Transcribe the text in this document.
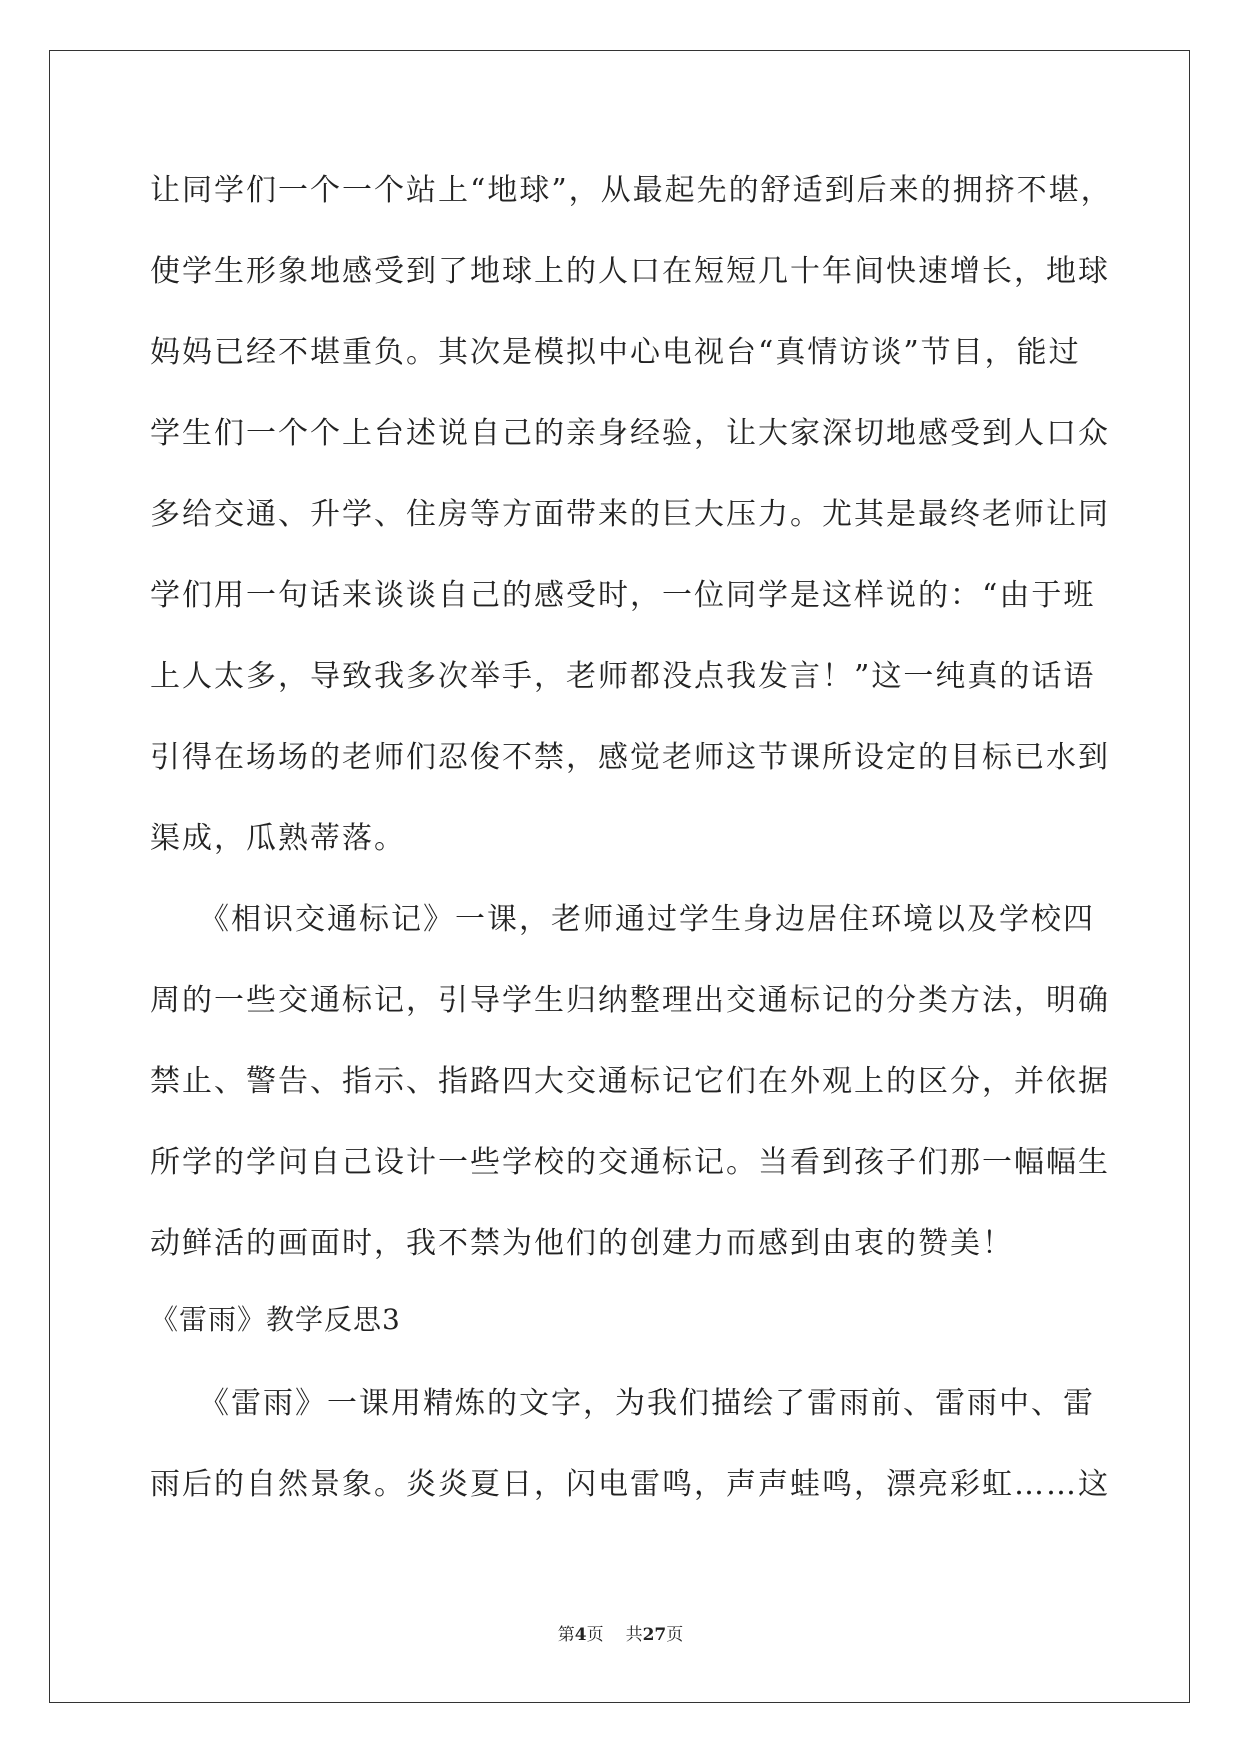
让同学们一个一个站上“地球”，从最起先的舒适到后来的拥挤不堪，
使学生形象地感受到了地球上的人口在短短几十年间快速增长，地球
妈妈已经不堪重负。其次是模拟中心电视台“真情访谈”节目，能过
学生们一个个上台述说自己的亲身经验，让大家深切地感受到人口众
多给交通、升学、住房等方面带来的巨大压力。尤其是最终老师让同
学们用一句话来谈谈自己的感受时，一位同学是这样说的：“由于班
上人太多，导致我多次举手，老师都没点我发言！”这一纯真的话语
引得在场场的老师们忍俊不禁，感觉老师这节课所设定的目标已水到
渠成，瓜熟蒂落。
　　《相识交通标记》一课，老师通过学生身边居住环境以及学校四
周的一些交通标记，引导学生归纳整理出交通标记的分类方法，明确
禁止、警告、指示、指路四大交通标记它们在外观上的区分，并依据
所学的学问自己设计一些学校的交通标记。当看到孩子们那一幅幅生
动鲜活的画面时，我不禁为他们的创建力而感到由衷的赞美！
《雷雨》教学反思3
　　《雷雨》一课用精炼的文字，为我们描绘了雷雨前、雷雨中、雷
雨后的自然景象。炎炎夏日，闪电雷鸣，声声蛙鸣，漂亮彩虹……这
第4页 共27页
